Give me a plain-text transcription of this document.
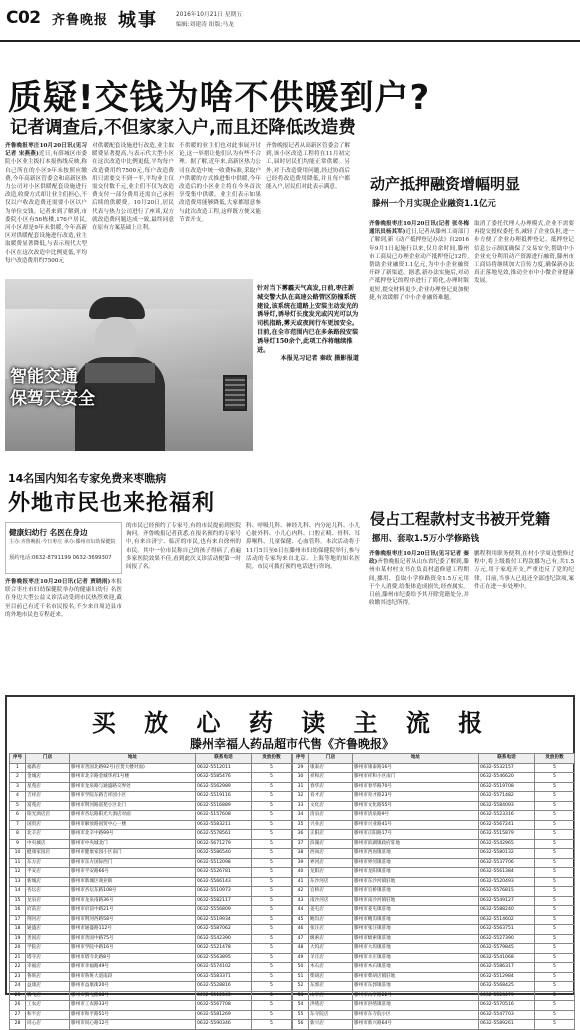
C02 齐鲁晚报 城事	2016年10月21日 星期五
编辑:刘建涛 组版:马龙
质疑!交钱为啥不供暖到户?
记者调查后,不但家家入户,而且还降低改造费
齐鲁晚报枣庄10月20日讯(见习记者 宋燕燕)近日,有薛城区市委院小区业主拨打本报热线反映,称自己所在的小区9年未按照应缴费,今年高新区管委会和高新区热力公司对小区供暖配套设施进行改造,收费方式却让业主们担心,不仅以户收改造费还需要小区以户为单位交钱。记者来到了解到,市委院小区有56栋楼,176户居民,河小区却是9年未供暖,今年高新区对供暖配套设施进行改造,业主取暖费显著降低,与表示现代大型小区在这次改造中比例更低,平均每户改造费用约7500元
对供暖配套设施进行改造,业主取暖费显著提高,与表示代大型小区在这次改造中比例更低,平均每户改造费用约7500元,每户改造费用只需要交不到一半,平均业主仅需交付数千元,业主们不仅为改造费支付一部分费用还需自己承担后续的供暖费。10月20日,居民代表与热力公司进行了座谈,双方就改造费问题达成一致,最终同意在原有方案基础上让利。
不供暖的业主们也对此事展开讨论,这一举措让他们认为有些不合理。据了解,近年来,高新区热力公司在改造中统一收费标准,采取户户供暖的方式推进集中供暖,今年改造后的小区业主将在今冬首次享受集中供暖。业主们表示如果改造费用能够降低,大家都愿意参与此次改造工程,这样既方便又能节省开支。
齐鲁晚报记者从高新区管委会了解到,该小区改造工程将在11月初完工,届时居民们均能正常供暖。另外,对于改造费用问题,经过协商后已经将改造费用降低,并且每户都能入户,居民们对此表示满意。
智能交通
保驾天安全
针对当下雾霾天气高发,日前,枣庄新城交警大队在高速公路管区防撞系统建设,该系统在道路上安装主动发光的诱导灯,诱导灯长度发光或闪光可以为司机指路,雾天或夜间行车更加安全。目前,在全市范围内已在多条路段安装诱导灯150余个,此项工作将继续推进。

本报见习记者 秦政 摄影报道
动产抵押融资增幅明显
滕州一个月实现企业融资1.1亿元
齐鲁晚报枣庄10月20日讯(记者 张冬梅 通讯员杨其军)近日,记者从滕州工商部门了解到,新《动产抵押登记办法》自2016年9月1日起施行以来,仅月余时间,滕州市工商局已办理企业动产抵押登记12件,帮助企业融资1.1亿元,为中小企业融资开辟了新渠道。据悉,新办法实施后,对动产抵押登记的程序进行了简化,办理时限更短,提交材料更少,企业办理登记更加便捷,有效缓解了中小企业融资难题。
取消了委托代理人办理模式,企业不需要再提交授权委托书,减轻了企业负担,进一步方便了企业办理抵押登记。抵押登记信息公示制度确保了交易安全,帮助中小企业充分利用动产资源进行融资,滕州市工商局将继续加大宣传力度,确保新办法真正落地见效,推动全市中小微企业健康发展。
14名国内知名专家免费来枣瞧病
外地市民也来抢福利
健康妇幼行 名医在身边
主办:齐鲁晚报·今日枣庄 承办:滕州市妇幼保健院
预约电话:0632-8791199 0632-3699307
齐鲁晚报枣庄10月20日讯(记者 贾晓雨)本报联合枣庄市妇幼保健院举办的健康妇幼行 名医在身边大型公益义诊活动受到市民热烈欢迎,截至目前已有近千名市民报名,不少来自周边县市的外地市民也专程赶来。
的市民已经预约了专家号,有的市民提前到医院询问。齐鲁晚报记者获悉,在报名预约的专家号中,有来自济宁、临沂的市民,也有来自徐州的市民。其中一位市民称自己的孩子得病了,看遍多家医院效果不佳,看到此次义诊活动便第一时间报了名。
科、呼吸儿科、神经儿科、内分泌儿科、小儿心脏外科、小儿心内科、口腔正畸、骨科、耳鼻喉科、儿童保健、心血管科。本次活动将于11月5日至6日在滕州市妇幼保健院举行,参与活动的专家均来自北京、上海等地的知名医院。市民可拨打预约电话进行咨询。
侵占工程款村支书被开党籍
挪用、套取1.5万小学修路钱
齐鲁晚报枣庄10月20日讯(见习记者 秦政)齐鲁晚报记者从山东省纪委了解到,滕州市某村村支书在负责村道修建工程期间,挪用、套取小学修路资金1.5万元用于个人消费,给集体造成损失,经查属实。日前,滕州市纪委给予其开除党籍处分,并收缴其违纪所得。
鹏程利用职务便利,在村小学周边整修过程中,将上级拨付工程款挪为己有,共1.5万元,用于家庭开支,严重违反了党的纪律。目前,当事人已退还全部违纪款项,案件正在进一步处理中。
买 放 心 药 读 主 流 报
滕州幸福人药品超市代售《齐鲁晚报》
序号	门店	地址	联系电话	发放份数
1	福新店	滕州市善国北路92号(百货大楼对面)	0632-5512011	5
2	金城店	滕州市北辛路金城华府1号楼	0632-5585476	5
3	星苑店	滕州市龙泉路与通盛路交界处	0632-5562989	5
4	吉祥店	滕州市学院东路吉祥园小区	0632-5519116	5
5	富苑店	滕州市荆河路富苑小区北门	0632-5516889	5
6	阳光酒店店	滕州市杏坛路阳光大酒店对面	0632-5157608	5
7	国贸店	滕州市解放路国贸中心一楼	0632-5583211	5
8	北辛店	滕州市北辛中路99号	0632-5578561	5
9	中央城店	滕州市中央城北门	0632-5671279	5
10	健康家园店	滕州市健康家园小区南门	0632-5586540	5
11	东方店	滕州市东方国际西门	0632-5512098	5
12	平安店	滕州市平安路66号	0632-5526781	5
13	新城店	滕州市新城区商业街	0632-5566143	5
14	杏坛店	滕州市杏坛东路108号	0632-5510973	5
15	龙泉店	滕州市龙泉南路36号	0632-5582117	5
16	府前店	滕州市府前中路21号	0632-5556809	5
17	荆河店	滕州市荆河西路58号	0632-5519934	5
18	通盛店	滕州市通盛路112号	0632-5587062	5
19	善国店	滕州市善国中路75号	0632-5542390	5
20	学院店	滕州市学院中路16号	0632-5521478	5
21	塔寺店	滕州市塔寺北路8号	0632-5563895	5
22	幸福店	滕州市幸福路49号	0632-5574102	5
23	鲁班店	滕州市鲁班大道南段	0632-5583371	5
24	益康店	滕州市益康街20号	0632-5528816	5
25	腾飞店	滕州市腾飞路88号	0632-5512543	5
26	工农店	滕州市工农路33号	0632-5567708	5
27	和平店	滕州市和平路51号	0632-5581269	5
28	同心店	滕州市同心路12号	0632-5590346	5
序号	门店	地址	联系电话	发放份数
29	康泰店	滕州市康泰路16号	0632-5532157	5
30	祥和店	滕州市祥和小区南门	0632-5546620	5
31	春华店	滕州市春华路70号	0632-5519708	5
32	育才店	滕州市育才路23号	0632-5571482	5
33	文化店	滕州市文化路55号	0632-5584093	5
34	清泉店	滕州市清泉路9号	0632-5523316	5
35	兴业店	滕州市兴业路41号	0632-5567241	5
36	正阳店	滕州市正阳路17号	0632-5515879	5
37	滨湖店	滕州市滨湖镇政府驻地	0632-5542965	5
38	西岗店	滕州市西岗镇驻地	0632-5580132	5
39	界河店	滕州市界河镇驻地	0632-5537706	5
40	龙阳店	滕州市龙阳镇驻地	0632-5561384	5
41	东沙河店	滕州市东沙河镇驻地	0632-5520493	5
42	官桥店	滕州市官桥镇驻地	0632-5576815	5
43	南沙河店	滕州市南沙河镇驻地	0632-5549127	5
44	姜屯店	滕州市姜屯镇驻地	0632-5588240	5
45	鲍沟店	滕州市鲍沟镇驻地	0632-5514602	5
46	张汪店	滕州市张汪镇驻地	0632-5563751	5
47	级索店	滕州市级索镇驻地	0632-5527390	5
48	大坞店	滕州市大坞镇驻地	0632-5579845	5
49	羊庄店	滕州市羊庄镇驻地	0632-5541068	5
50	木石店	滕州市木石镇驻地	0632-5586317	5
51	柴胡店	滕州市柴胡店镇驻地	0632-5512984	5
52	东郭店	滕州市东郭镇驻地	0632-5568425	5
53	山亭店	滕州市山亭路22号	0632-5523079	5
54	洪绪店	滕州市洪绪镇驻地	0632-5570516	5
55	东寺院店	滕州市东寺院小区	0632-5547703	5
56	新兴店	滕州市新兴路64号	0632-5589261	5
